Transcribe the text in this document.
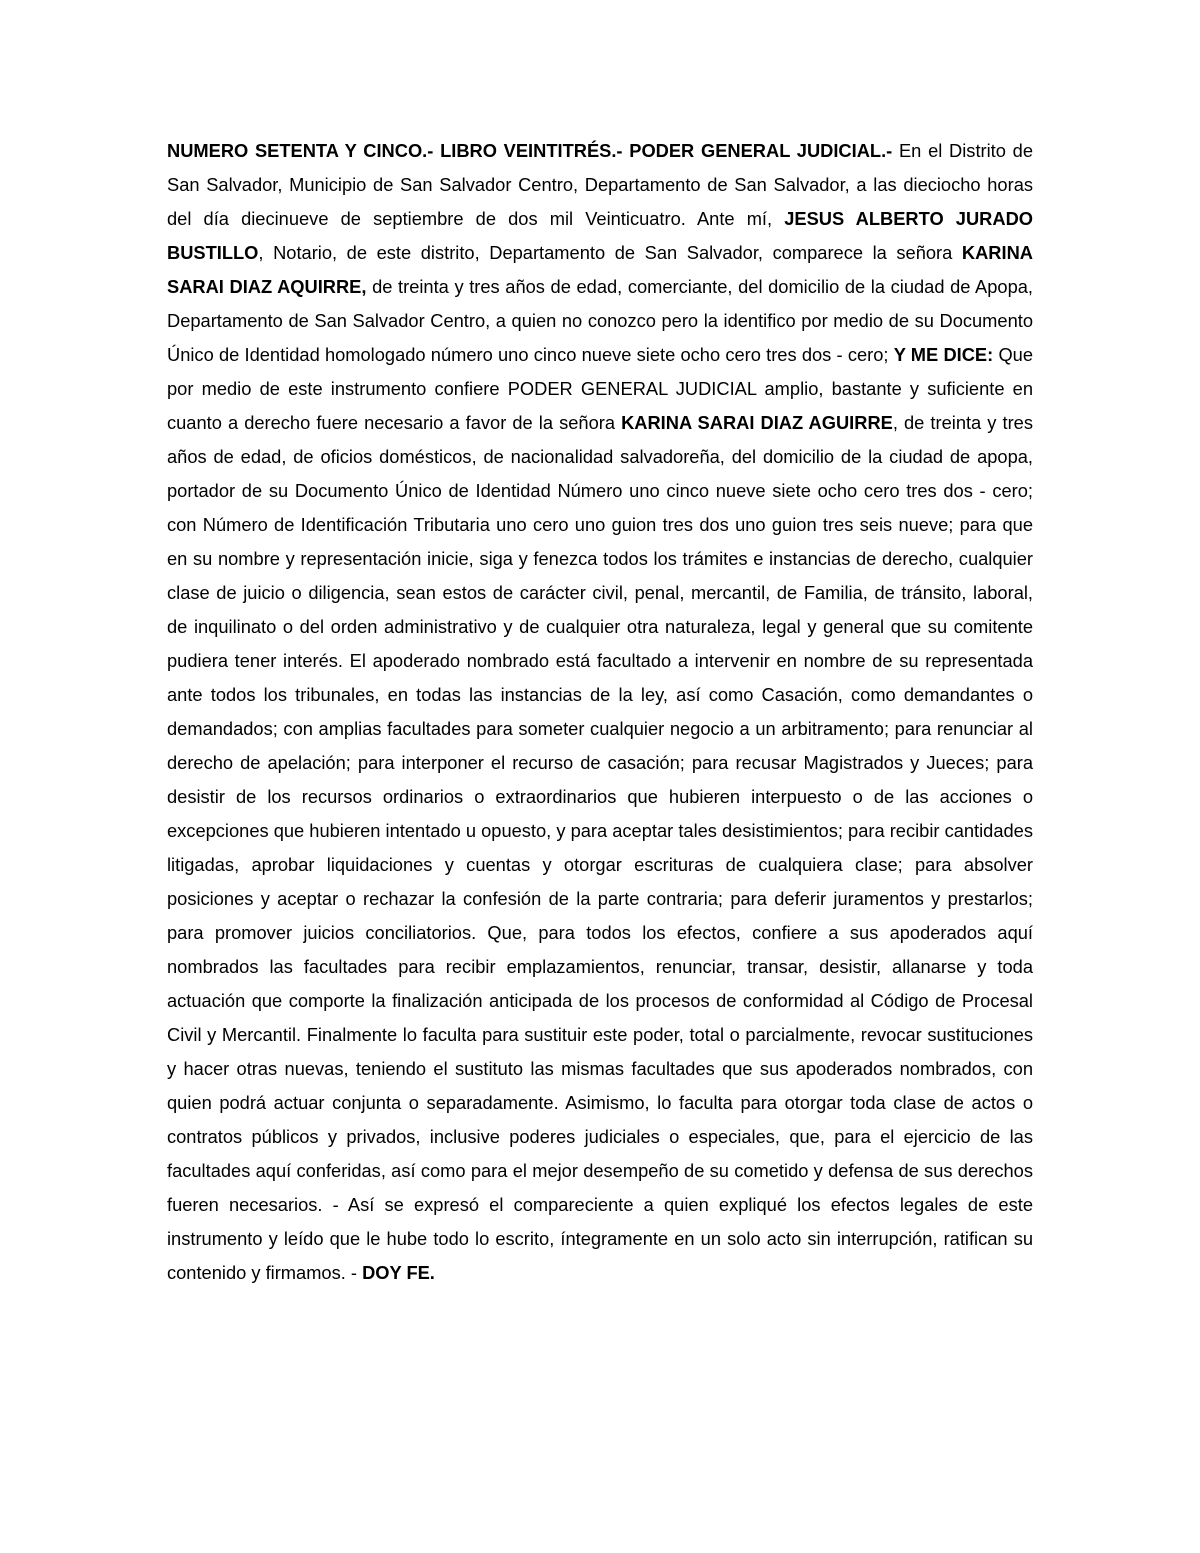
NUMERO SETENTA Y CINCO.- LIBRO VEINTITRÉS.- PODER GENERAL JUDICIAL.- En el Distrito de San Salvador, Municipio de San Salvador Centro, Departamento de San Salvador, a las dieciocho horas del día diecinueve de septiembre de dos mil Veinticuatro. Ante mí, JESUS ALBERTO JURADO BUSTILLO, Notario, de este distrito, Departamento de San Salvador, comparece la señora KARINA SARAI DIAZ AQUIRRE, de treinta y tres años de edad, comerciante, del domicilio de la ciudad de Apopa, Departamento de San Salvador Centro, a quien no conozco pero la identifico por medio de su Documento Único de Identidad homologado número uno cinco nueve siete ocho cero tres dos - cero; Y ME DICE: Que por medio de este instrumento confiere PODER GENERAL JUDICIAL amplio, bastante y suficiente en cuanto a derecho fuere necesario a favor de la señora KARINA SARAI DIAZ AGUIRRE, de treinta y tres años de edad, de oficios domésticos, de nacionalidad salvadoreña, del domicilio de la ciudad de apopa, portador de su Documento Único de Identidad Número uno cinco nueve siete ocho cero tres dos - cero; con Número de Identificación Tributaria uno cero uno guion tres dos uno guion tres seis nueve; para que en su nombre y representación inicie, siga y fenezca todos los trámites e instancias de derecho, cualquier clase de juicio o diligencia, sean estos de carácter civil, penal, mercantil, de Familia, de tránsito, laboral, de inquilinato o del orden administrativo y de cualquier otra naturaleza, legal y general que su comitente pudiera tener interés. El apoderado nombrado está facultado a intervenir en nombre de su representada ante todos los tribunales, en todas las instancias de la ley, así como Casación, como demandantes o demandados; con amplias facultades para someter cualquier negocio a un arbitramento; para renunciar al derecho de apelación; para interponer el recurso de casación; para recusar Magistrados y Jueces; para desistir de los recursos ordinarios o extraordinarios que hubieren interpuesto o de las acciones o excepciones que hubieren intentado u opuesto, y para aceptar tales desistimientos; para recibir cantidades litigadas, aprobar liquidaciones y cuentas y otorgar escrituras de cualquiera clase; para absolver posiciones y aceptar o rechazar la confesión de la parte contraria; para deferir juramentos y prestarlos; para promover juicios conciliatorios. Que, para todos los efectos, confiere a sus apoderados aquí nombrados las facultades para recibir emplazamientos, renunciar, transar, desistir, allanarse y toda actuación que comporte la finalización anticipada de los procesos de conformidad al Código de Procesal Civil y Mercantil. Finalmente lo faculta para sustituir este poder, total o parcialmente, revocar sustituciones y hacer otras nuevas, teniendo el sustituto las mismas facultades que sus apoderados nombrados, con quien podrá actuar conjunta o separadamente. Asimismo, lo faculta para otorgar toda clase de actos o contratos públicos y privados, inclusive poderes judiciales o especiales, que, para el ejercicio de las facultades aquí conferidas, así como para el mejor desempeño de su cometido y defensa de sus derechos fueren necesarios. - Así se expresó el compareciente a quien expliqué los efectos legales de este instrumento y leído que le hube todo lo escrito, íntegramente en un solo acto sin interrupción, ratifican su contenido y firmamos. - DOY FE.
